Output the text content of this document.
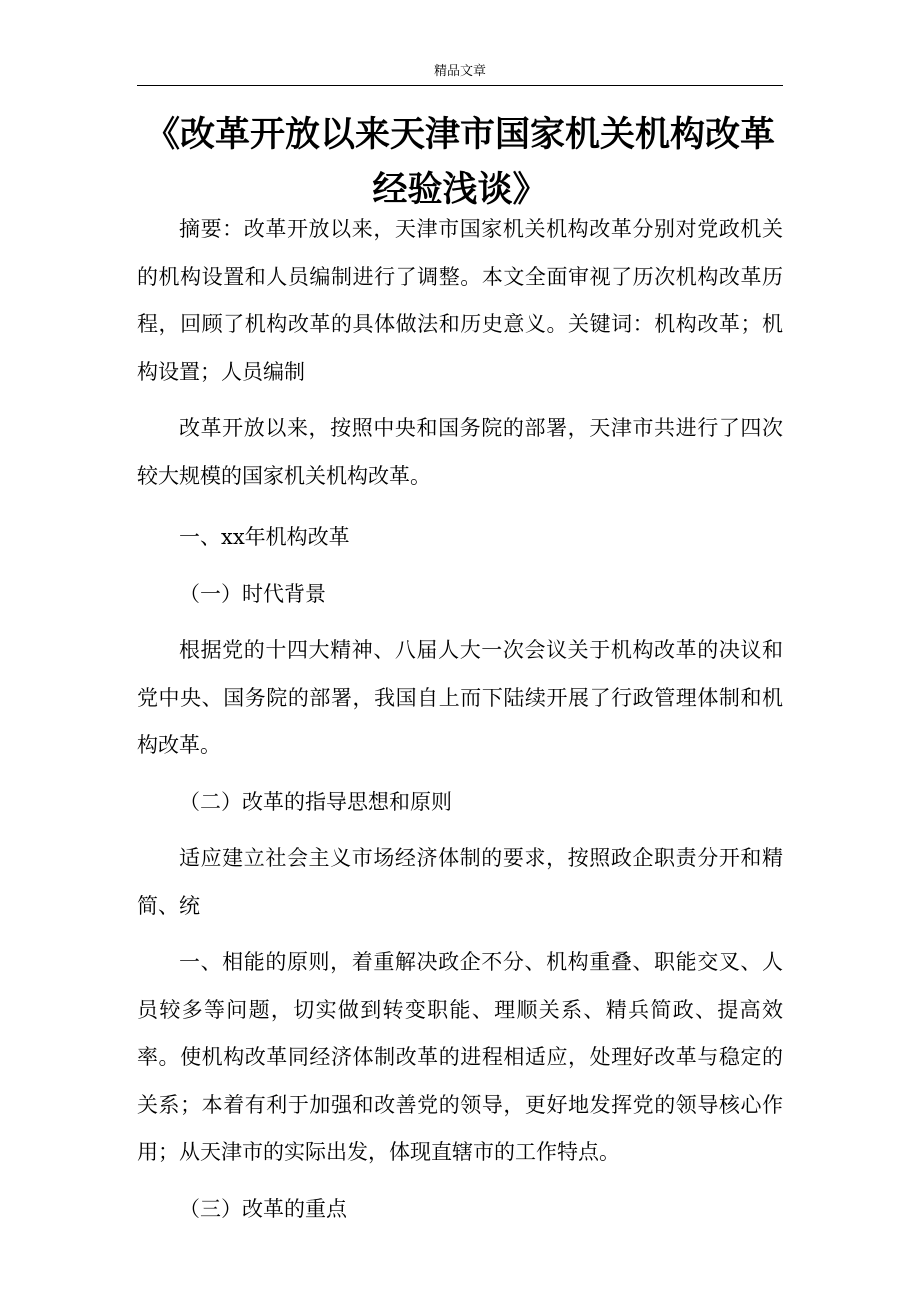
精品文章
《改革开放以来天津市国家机关机构改革
经验浅谈》

摘要：改革开放以来，天津市国家机关机构改革分别对党政机关的机构设置和人员编制进行了调整。本文全面审视了历次机构改革历程，回顾了机构改革的具体做法和历史意义。关键词：机构改革；机构设置；人员编制

改革开放以来，按照中央和国务院的部署，天津市共进行了四次较大规模的国家机关机构改革。

一、xx年机构改革

（一）时代背景

根据党的十四大精神、八届人大一次会议关于机构改革的决议和党中央、国务院的部署，我国自上而下陆续开展了行政管理体制和机构改革。

（二）改革的指导思想和原则

适应建立社会主义市场经济体制的要求，按照政企职责分开和精简、统

一、相能的原则，着重解决政企不分、机构重叠、职能交叉、人员较多等问题，切实做到转变职能、理顺关系、精兵简政、提高效率。使机构改革同经济体制改革的进程相适应，处理好改革与稳定的关系；本着有利于加强和改善党的领导，更好地发挥党的领导核心作用；从天津市的实际出发，体现直辖市的工作特点。

（三）改革的重点
